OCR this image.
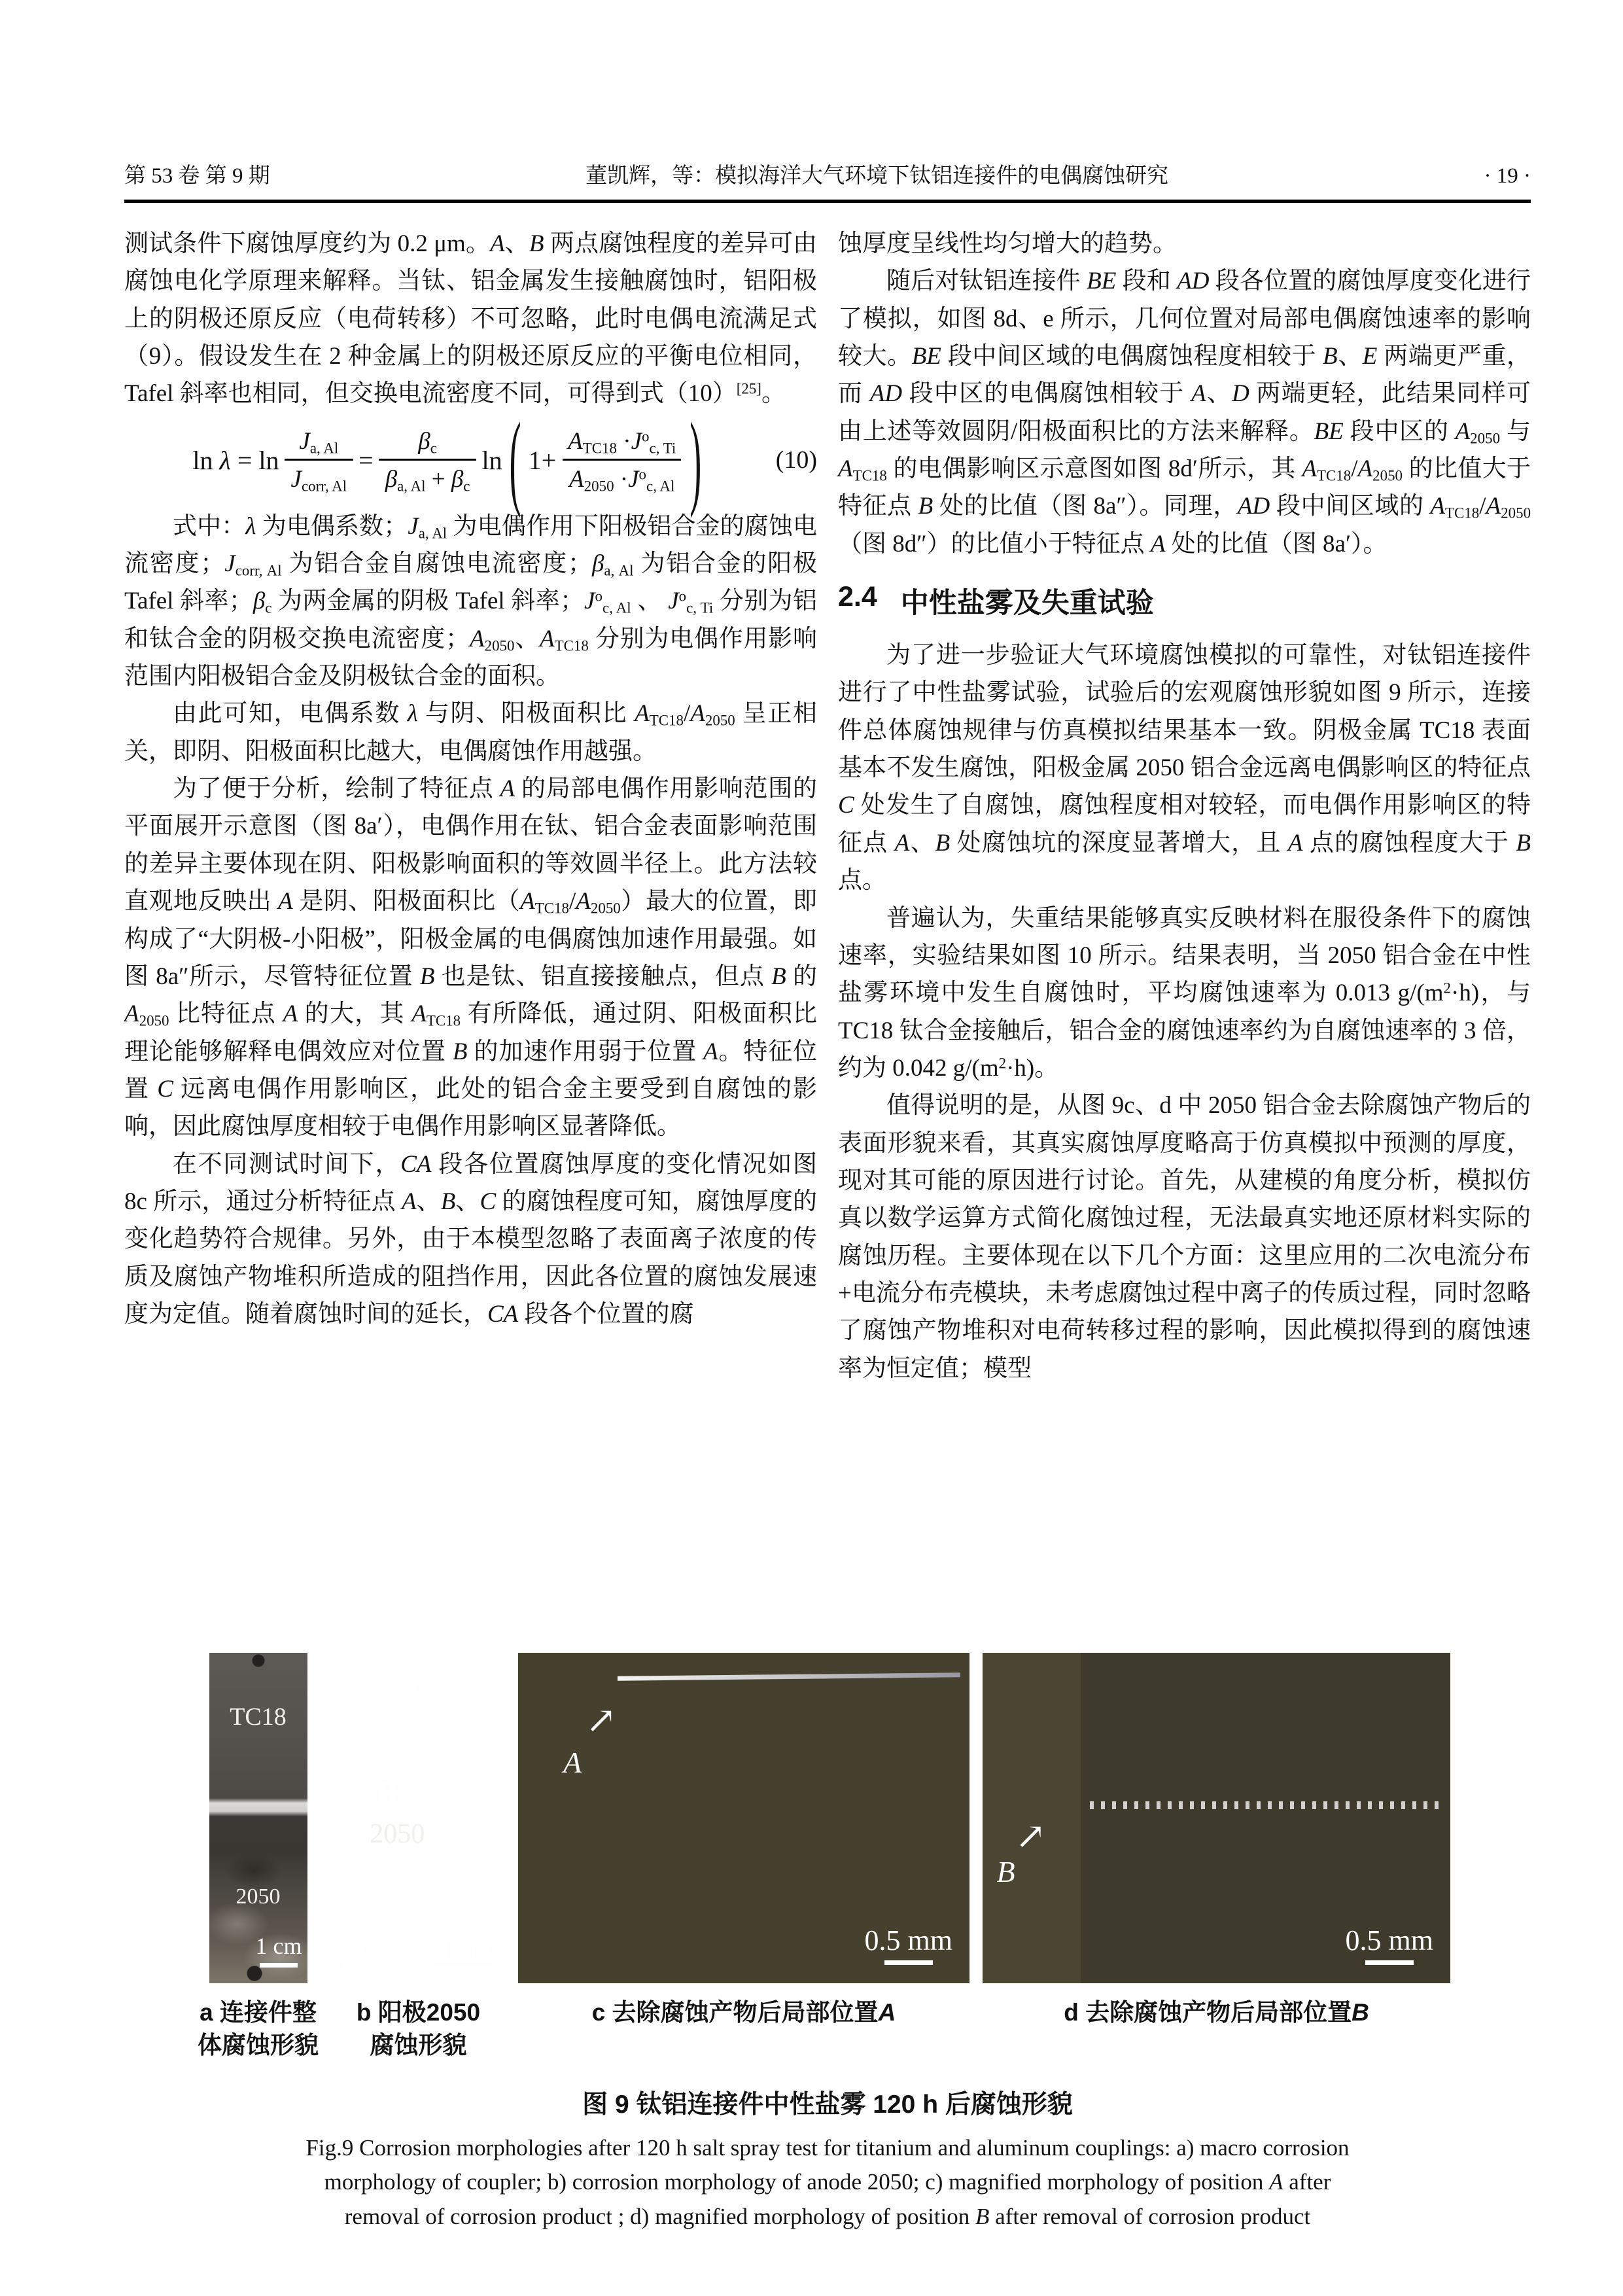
第 53 卷 第 9 期	董凯辉，等：模拟海洋大气环境下钛铝连接件的电偶腐蚀研究	· 19 ·

测试条件下腐蚀厚度约为 0.2 μm。A、B 两点腐蚀程度的差异可由腐蚀电化学原理来解释。当钛、铝金属发生接触腐蚀时，铝阳极上的阴极还原反应（电荷转移）不可忽略，此时电偶电流满足式（9）。假设发生在 2 种金属上的阴极还原反应的平衡电位相同，Tafel 斜率也相同，但交换电流密度不同，可得到式（10）[25]。

$\ln \lambda = \ln \frac{J_{a, Al}}{J_{corr, Al}} = \frac{\beta_c}{\beta_{a, Al} + \beta_c}$ ln ( $1+ \frac{A_{TC18} \cdot J^o_{c, Ti}}{A_{2050} \cdot J^o_{c, Al}}$ )	(10)

式中：λ 为电偶系数；$J_{a, Al}$ 为电偶作用下阳极铝合金的腐蚀电流密度；$J_{corr, Al}$ 为铝合金自腐蚀电流密度；$\beta_{a, Al}$ 为铝合金的阳极 Tafel 斜率；$\beta_c$ 为两金属的阴极 Tafel 斜率；$J^o_{c, Al}$ 、 $J^o_{c, Ti}$ 分别为铝和钛合金的阴极交换电流密度；$A_{2050}$、$A_{TC18}$ 分别为电偶作用影响范围内阳极铝合金及阴极钛合金的面积。

由此可知，电偶系数 λ 与阴、阳极面积比 $A_{TC18}/A_{2050}$ 呈正相关，即阴、阳极面积比越大，电偶腐蚀作用越强。

为了便于分析，绘制了特征点 A 的局部电偶作用影响范围的平面展开示意图（图 8a′），电偶作用在钛、铝合金表面影响范围的差异主要体现在阴、阳极影响面积的等效圆半径上。此方法较直观地反映出 A 是阴、阳极面积比$(A_{TC18}/A_{2050})$最大的位置，即构成了“大阴极-小阳极”，阳极金属的电偶腐蚀加速作用最强。如图 8a″所示，尽管特征位置 B 也是钛、铝直接接触点，但点 B 的 $A_{2050}$ 比特征点 A 的大，其 $A_{TC18}$ 有所降低，通过阴、阳极面积比理论能够解释电偶效应对位置 B 的加速作用弱于位置 A。特征位置 C 远离电偶作用影响区，此处的铝合金主要受到自腐蚀的影响，因此腐蚀厚度相较于电偶作用影响区显著降低。

在不同测试时间下，CA 段各位置腐蚀厚度的变化情况如图 8c 所示，通过分析特征点 A、B、C 的腐蚀程度可知，腐蚀厚度的变化趋势符合规律。另外，由于本模型忽略了表面离子浓度的传质及腐蚀产物堆积所造成的阻挡作用，因此各位置的腐蚀发展速度为定值。随着腐蚀时间的延长，CA 段各个位置的腐

蚀厚度呈线性均匀增大的趋势。

随后对钛铝连接件 BE 段和 AD 段各位置的腐蚀厚度变化进行了模拟，如图 8d、e 所示，几何位置对局部电偶腐蚀速率的影响较大。BE 段中间区域的电偶腐蚀程度相较于 B、E 两端更严重，而 AD 段中区的电偶腐蚀相较于 A、D 两端更轻，此结果同样可由上述等效圆阴/阳极面积比的方法来解释。BE 段中区的 $A_{2050}$ 与 $A_{TC18}$ 的电偶影响区示意图如图 8d′所示，其 $A_{TC18}/A_{2050}$ 的比值大于特征点 B 处的比值（图 8a″）。同理，AD 段中间区域的 $A_{TC18}/A_{2050}$（图 8d″）的比值小于特征点 A 处的比值（图 8a′）。

2.4 中性盐雾及失重试验

为了进一步验证大气环境腐蚀模拟的可靠性，对钛铝连接件进行了中性盐雾试验，试验后的宏观腐蚀形貌如图 9 所示，连接件总体腐蚀规律与仿真模拟结果基本一致。阴极金属 TC18 表面基本不发生腐蚀，阳极金属 2050 铝合金远离电偶影响区的特征点 C 处发生了自腐蚀，腐蚀程度相对较轻，而电偶作用影响区的特征点 A、B 处腐蚀坑的深度显著增大，且 A 点的腐蚀程度大于 B 点。

普遍认为，失重结果能够真实反映材料在服役条件下的腐蚀速率，实验结果如图 10 所示。结果表明，当 2050 铝合金在中性盐雾环境中发生自腐蚀时，平均腐蚀速率为 0.013 $g/(m^2\cdot h)$，与 TC18 钛合金接触后，铝合金的腐蚀速率约为自腐蚀速率的 3 倍，约为 0.042 $g/(m^2\cdot h)$。

值得说明的是，从图 9c、d 中 2050 铝合金去除腐蚀产物后的表面形貌来看，其真实腐蚀厚度略高于仿真模拟中预测的厚度，现对其可能的原因进行讨论。首先，从建模的角度分析，模拟仿真以数学运算方式简化腐蚀过程，无法最真实地还原材料实际的腐蚀历程。主要体现在以下几个方面：这里应用的二次电流分布+电流分布壳模块，未考虑腐蚀过程中离子的传质过程，同时忽略了腐蚀产物堆积对电荷转移过程的影响，因此模拟得到的腐蚀速率为恒定值；模型

TC18
2050
1 cm
a 连接件整
体腐蚀形貌
↖ A
↖ B
2050
C
↙	1 cm
b 阳极2050
腐蚀形貌
↗
A
0.5 mm
c 去除腐蚀产物后局部位置A
↗
B
0.5 mm
d 去除腐蚀产物后局部位置B
图 9 钛铝连接件中性盐雾 120 h 后腐蚀形貌
Fig.9 Corrosion morphologies after 120 h salt spray test for titanium and aluminum couplings: a) macro corrosion
morphology of coupler; b) corrosion morphology of anode 2050; c) magnified morphology of position A after
removal of corrosion product ; d) magnified morphology of position B after removal of corrosion product
